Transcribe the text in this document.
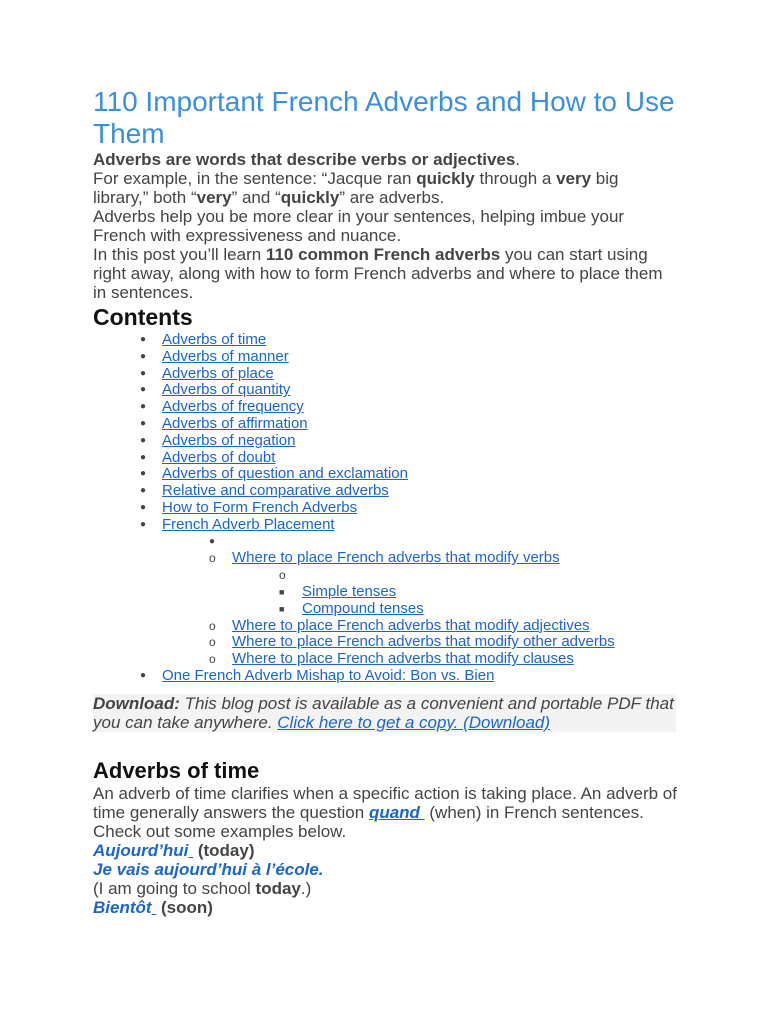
110 Important French Adverbs and How to Use Them

Adverbs are words that describe verbs or adjectives.

For example, in the sentence: “Jacque ran quickly through a very big library,” both “very” and “quickly” are adverbs.

Adverbs help you be more clear in your sentences, helping imbue your French with expressiveness and nuance.

In this post you’ll learn 110 common French adverbs you can start using right away, along with how to form French adverbs and where to place them in sentences.

Contents
● Adverbs of time
● Adverbs of manner
● Adverbs of place
● Adverbs of quantity
● Adverbs of frequency
● Adverbs of affirmation
● Adverbs of negation
● Adverbs of doubt
● Adverbs of question and exclamation
● Relative and comparative adverbs
● How to Form French Adverbs
● French Adverb Placement
●

o Where to place French adverbs that modify verbs
o

■ Simple tenses
■ Compound tenses
o Where to place French adverbs that modify adjectives
o Where to place French adverbs that modify other adverbs
o Where to place French adverbs that modify clauses
● One French Adverb Mishap to Avoid: Bon vs. Bien
Download: This blog post is available as a convenient and portable PDF that you can take anywhere. Click here to get a copy. (Download)
Adverbs of time

An adverb of time clarifies when a specific action is taking place. An adverb of time generally answers the question quand  (when) in French sentences. Check out some examples below.

Aujourd’hui  (today)

Je vais aujourd’hui à l’école.

(I am going to school today.)

Bientôt  (soon)
